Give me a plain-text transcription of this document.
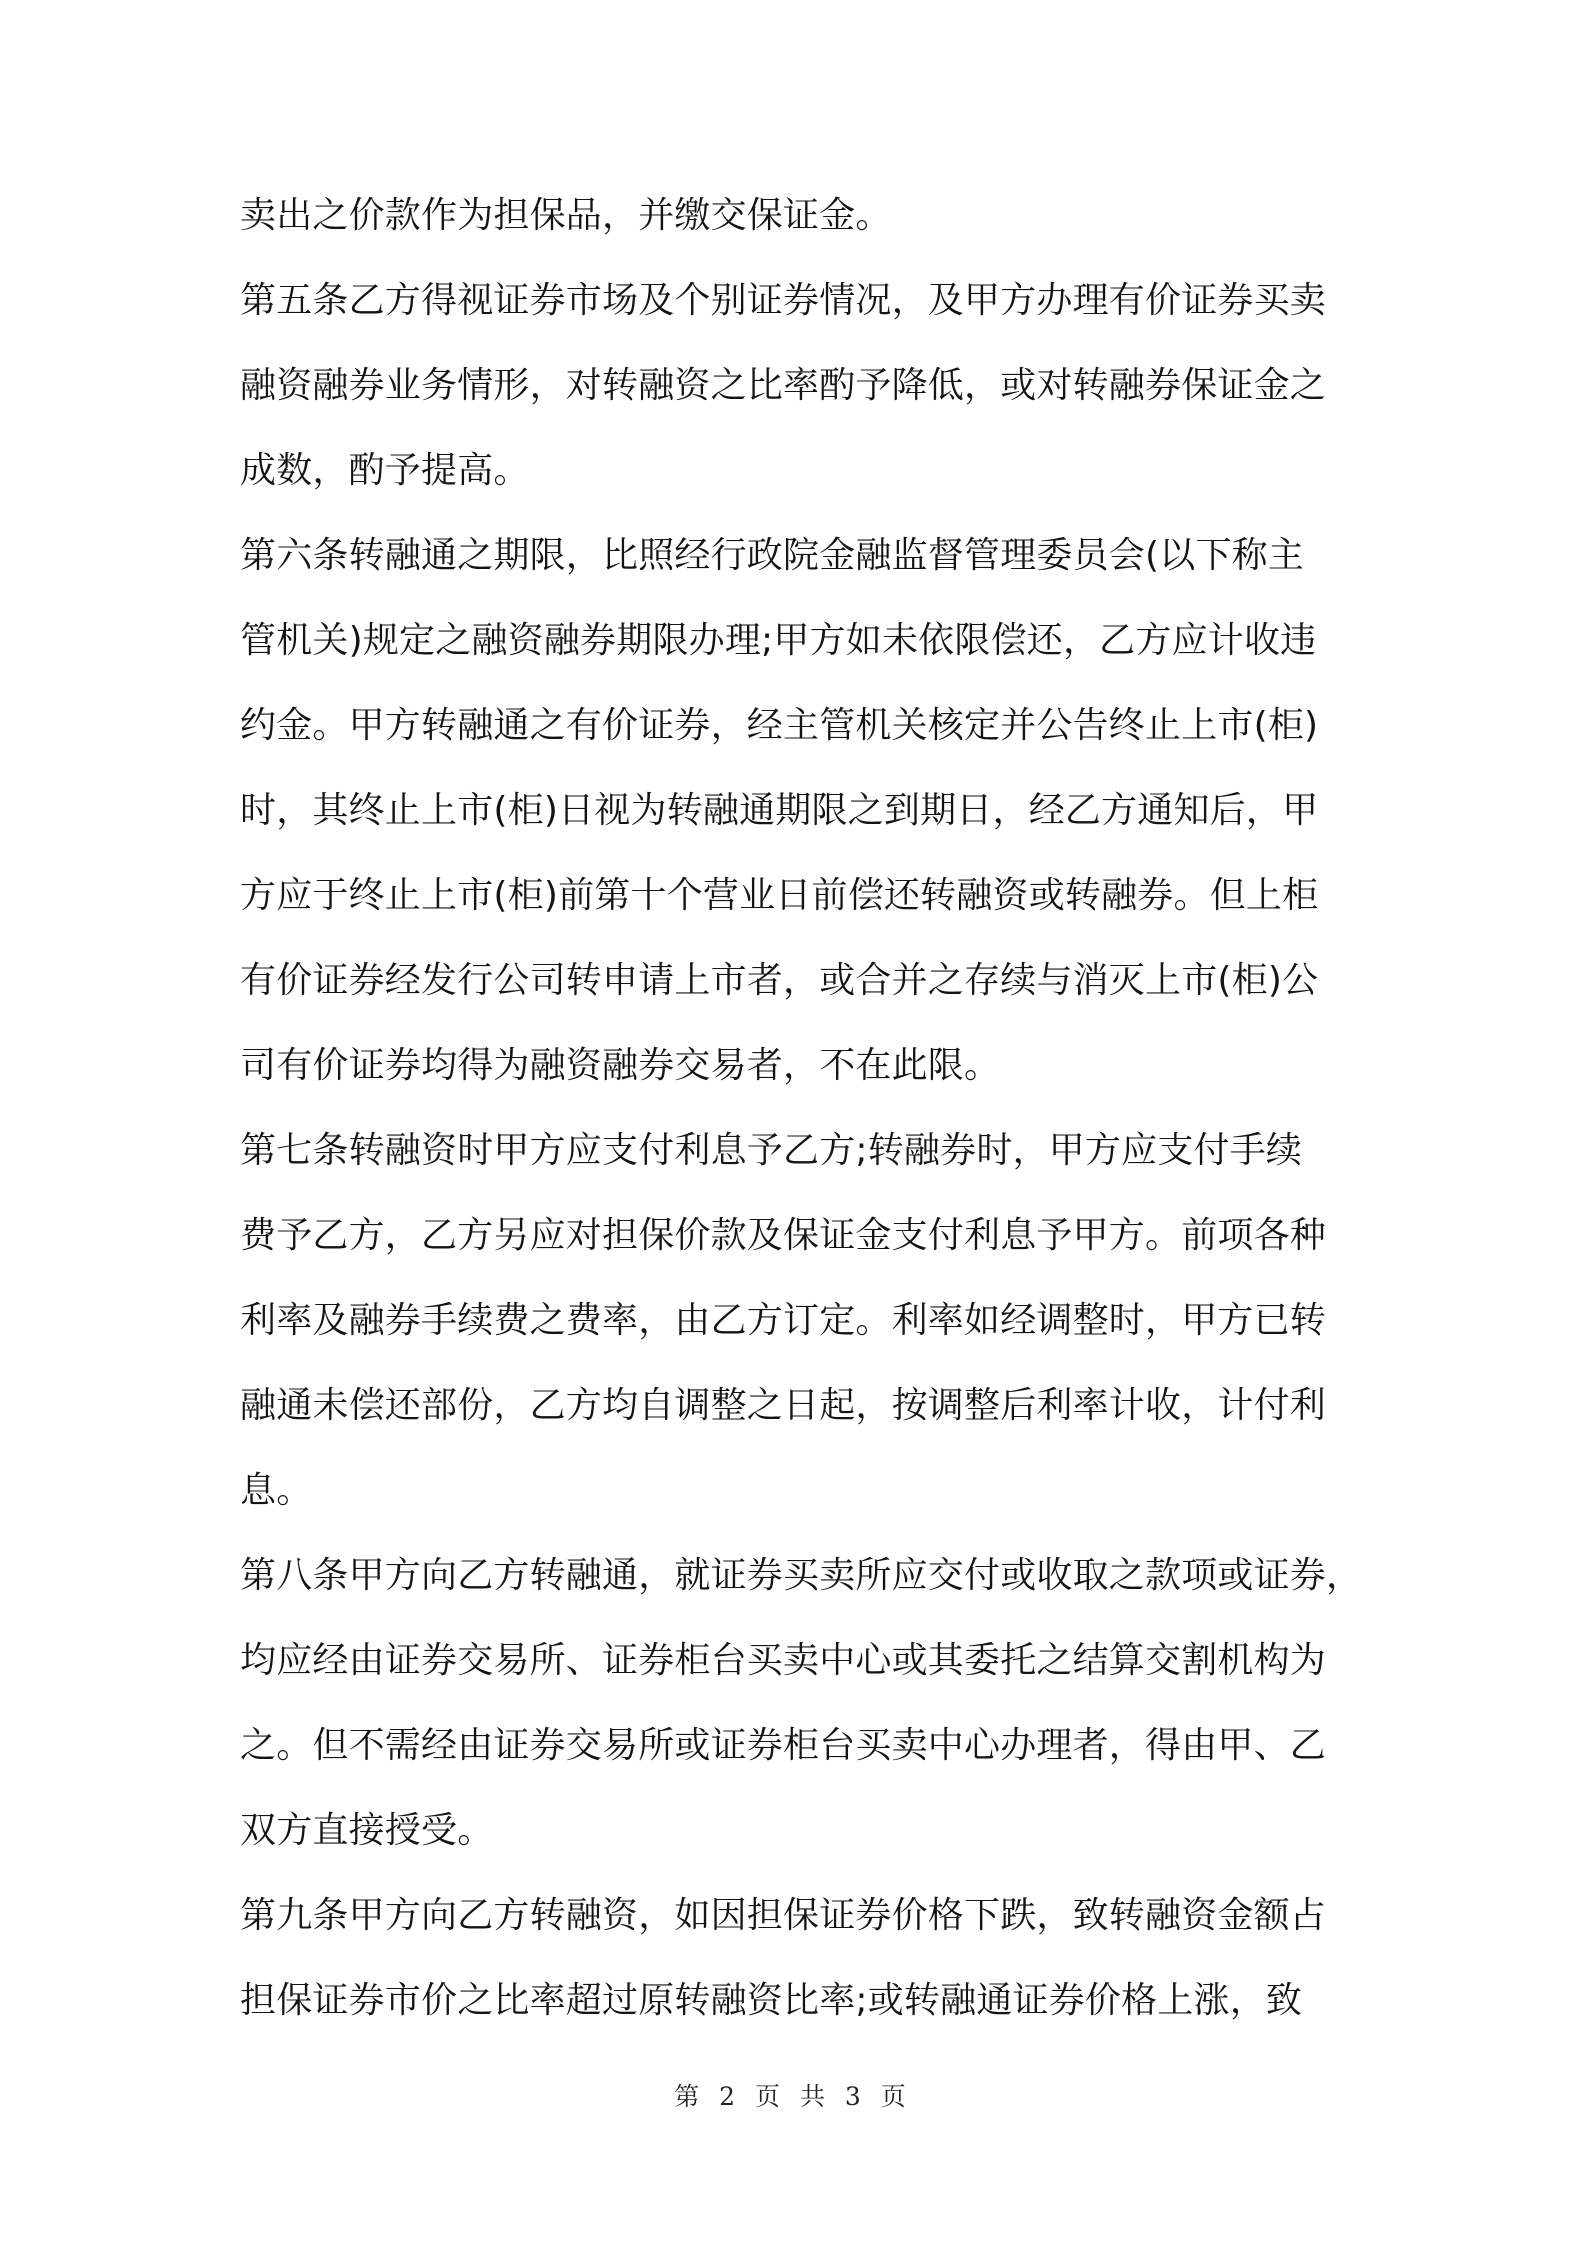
卖出之价款作为担保品，并缴交保证金。
第五条乙方得视证券市场及个别证券情况，及甲方办理有价证券买卖
融资融券业务情形，对转融资之比率酌予降低，或对转融券保证金之
成数，酌予提高。
第六条转融通之期限，比照经行政院金融监督管理委员会(以下称主
管机关)规定之融资融券期限办理;甲方如未依限偿还，乙方应计收违
约金。甲方转融通之有价证券，经主管机关核定并公告终止上市(柜)
时，其终止上市(柜)日视为转融通期限之到期日，经乙方通知后，甲
方应于终止上市(柜)前第十个营业日前偿还转融资或转融券。但上柜
有价证券经发行公司转申请上市者，或合并之存续与消灭上市(柜)公
司有价证券均得为融资融券交易者，不在此限。
第七条转融资时甲方应支付利息予乙方;转融券时，甲方应支付手续
费予乙方，乙方另应对担保价款及保证金支付利息予甲方。前项各种
利率及融券手续费之费率，由乙方订定。利率如经调整时，甲方已转
融通未偿还部份，乙方均自调整之日起，按调整后利率计收，计付利
息。
第八条甲方向乙方转融通，就证券买卖所应交付或收取之款项或证券，
均应经由证券交易所、证券柜台买卖中心或其委托之结算交割机构为
之。但不需经由证券交易所或证券柜台买卖中心办理者，得由甲、乙
双方直接授受。
第九条甲方向乙方转融资，如因担保证券价格下跌，致转融资金额占
担保证券市价之比率超过原转融资比率;或转融通证券价格上涨，致
第 2 页 共 3 页
